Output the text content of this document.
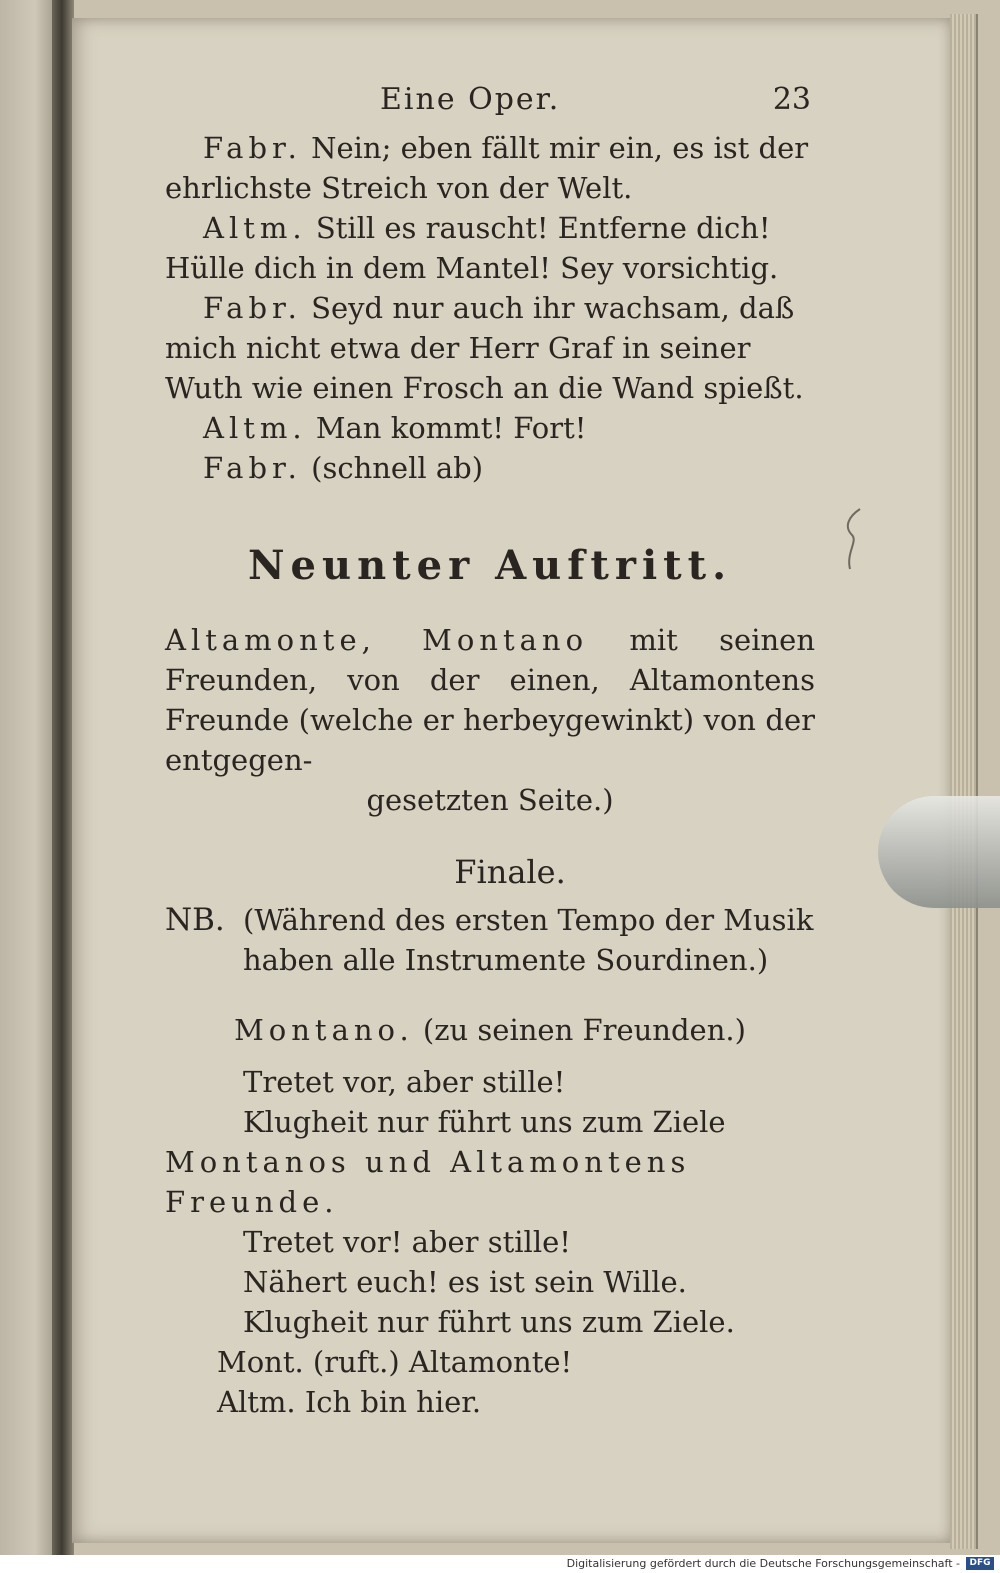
Eine Oper.	23

Fabr. Nein; eben fällt mir ein, es ist der ehrlichste Streich von der Welt.

Altm. Still es rauscht! Entferne dich! Hülle dich in dem Mantel! Sey vorsichtig.

Fabr. Seyd nur auch ihr wachsam, daß mich nicht etwa der Herr Graf in seiner Wuth wie einen Frosch an die Wand spießt.

Altm. Man kommt! Fort!

Fabr. (schnell ab)

Neunter Auftritt.

Altamonte, Montano mit seinen Freunden, von der einen, Altamontens Freunde (welche er herbeygewinkt) von der entgegen-

gesetzten Seite.)

Finale.

NB. (Während des ersten Tempo der Musik haben alle Instrumente Sourdinen.)

Montano. (zu seinen Freunden.)

Tretet vor, aber stille!

Klugheit nur führt uns zum Ziele

Montanos und Altamontens Freunde.

Tretet vor! aber stille!

Nähert euch! es ist sein Wille.

Klugheit nur führt uns zum Ziele.

Mont. (ruft.) Altamonte!

Altm. Ich bin hier.

Digitalisierung gefördert durch die Deutsche Forschungsgemeinschaft -	DFG
